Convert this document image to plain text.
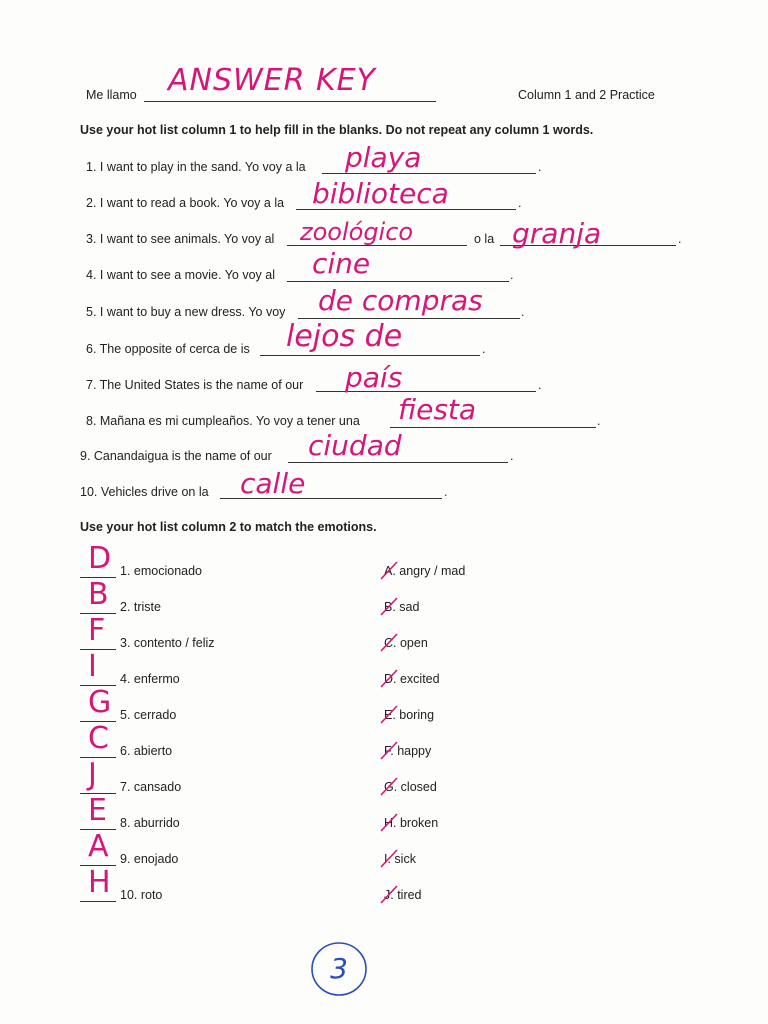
Me llamo ANSWER KEY	Column 1 and 2 Practice
Use your hot list column 1 to help fill in the blanks. Do not repeat any column 1 words.
1. I want to play in the sand. Yo voy a la	.
playa
2. I want to read a book. Yo voy a la	.
biblioteca
3. I want to see animals. Yo voy al	o la	.
zoológico	granja
4. I want to see a movie. Yo voy al	.
cine
5. I want to buy a new dress. Yo voy	.
de compras
6. The opposite of cerca de is	.
lejos de
7. The United States is the name of our	.
país
8. Mañana es mi cumpleaños. Yo voy a tener una	.
fiesta
9. Canandaigua is the name of our	.
ciudad
10. Vehicles drive on la	.
calle
Use your hot list column 2 to match the emotions.
D 1. emocionado
B 2. triste
F 3. contento / feliz
I 4. enfermo
G 5. cerrado
C 6. abierto
J 7. cansado
E 8. aburrido
A 9. enojado
H 10. roto
A. angry / mad
B. sad
C. open
D. excited
E. boring
F. happy
G. closed
H. broken
I. sick
J. tired
3
